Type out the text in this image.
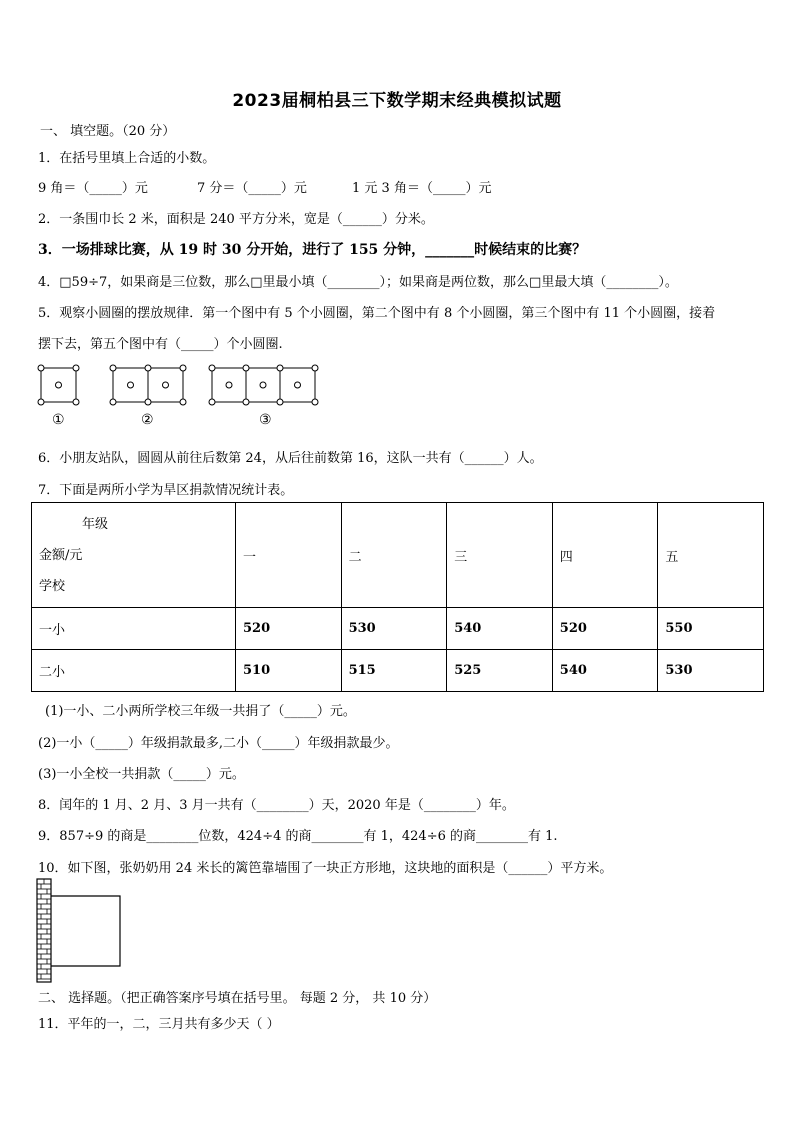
2023届桐柏县三下数学期末经典模拟试题
一、 填空题。（20 分）
1．在括号里填上合适的小数。
9 角＝（_____）元	7 分＝（_____）元	1 元 3 角＝（_____）元
2．一条围巾长 2 米，面积是 240 平方分米，宽是（______）分米。
3．一场排球比赛，从 19 时 30 分开始，进行了 155 分钟，_______时候结束的比赛？
4．□59÷7，如果商是三位数，那么□里最小填（________）；如果商是两位数，那么□里最大填（________）。
5．观察小圆圈的摆放规律．第一个图中有 5 个小圆圈，第二个图中有 8 个小圆圈，第三个图中有 11 个小圆圈，接着
摆下去，第五个图中有（_____）个小圆圈.
①	②	③
6．小朋友站队，圆圆从前往后数第 24，从后往前数第 16，这队一共有（______）人。
7．下面是两所小学为旱区捐款情况统计表。
年级
金额/元
学校	一	二	三	四	五
一小	520	530	540	520	550
二小	510	515	525	540	530
(1)一小、二小两所学校三年级一共捐了（_____）元。
(2)一小（_____）年级捐款最多,二小（_____）年级捐款最少。
(3)一小全校一共捐款（_____）元。
8．闰年的 1 月、2 月、3 月一共有（________）天，2020 年是（________）年。
9．857÷9 的商是________位数，424÷4 的商________有 1，424÷6 的商________有 1.
10．如下图，张奶奶用 24 米长的篱笆靠墙围了一块正方形地，这块地的面积是（______）平方米。
二、 选择题。（把正确答案序号填在括号里。 每题 2 分， 共 10 分）
11．平年的一，二，三月共有多少天（ ）
